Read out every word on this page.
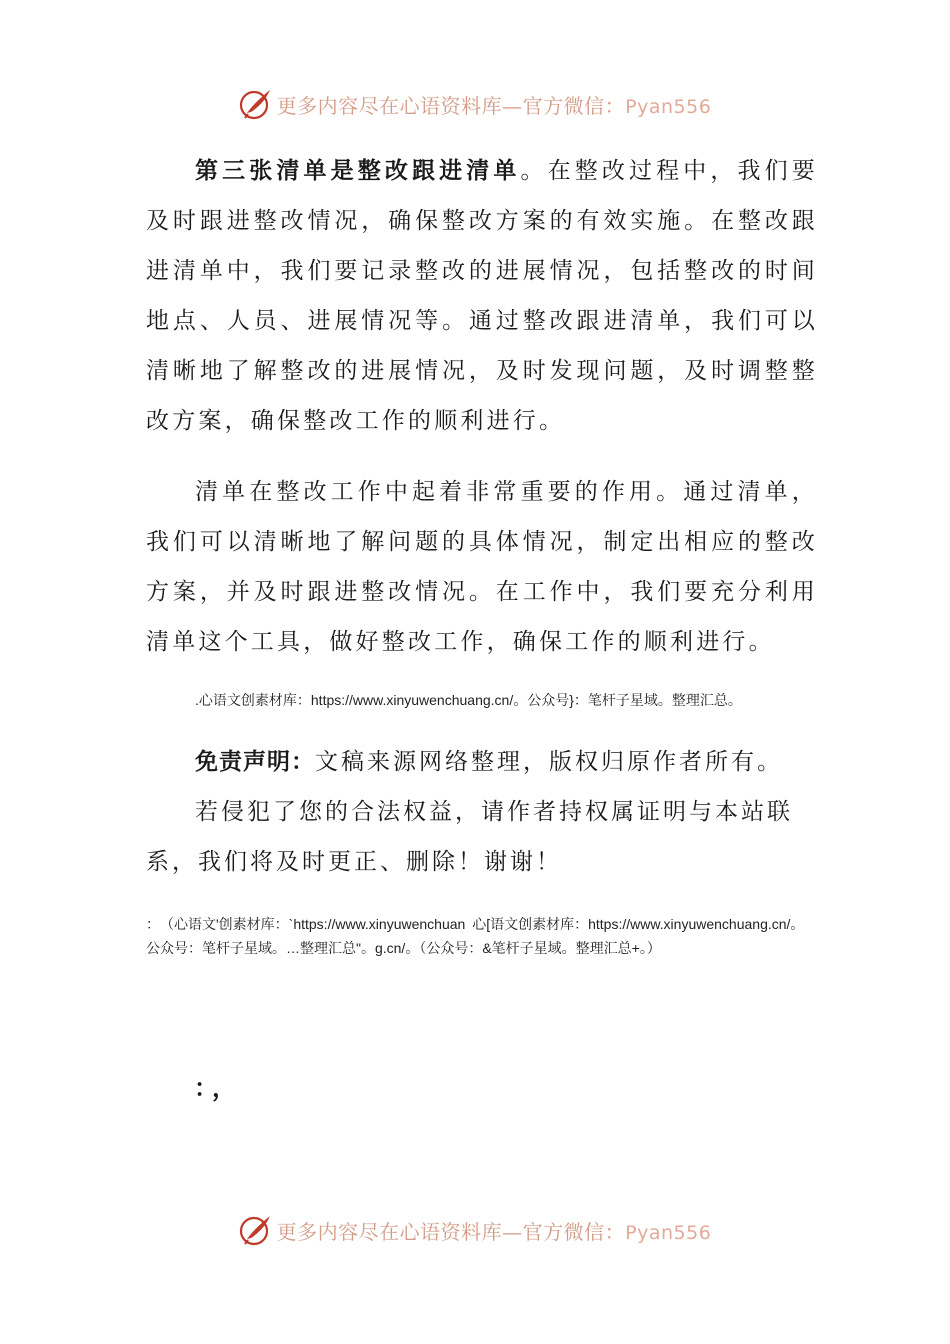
更多内容尽在心语资料库—官方微信：Pyan556

第三张清单是整改跟进清单。在整改过程中，我们要及时跟进整改情况，确保整改方案的有效实施。在整改跟进清单中，我们要记录整改的进展情况，包括整改的时间地点、人员、进展情况等。通过整改跟进清单，我们可以清晰地了解整改的进展情况，及时发现问题，及时调整整改方案，确保整改工作的顺利进行。

清单在整改工作中起着非常重要的作用。通过清单，我们可以清晰地了解问题的具体情况，制定出相应的整改方案，并及时跟进整改情况。在工作中，我们要充分利用清单这个工具，做好整改工作，确保工作的顺利进行。

.心语文创素材库：https://www.xinyuwenchuang.cn/。公众号}：笔杆子星域。整理汇总。

免责声明：文稿来源网络整理，版权归原作者所有。
若侵犯了您的合法权益，请作者持权属证明与本站联系，我们将及时更正、删除！谢谢！

：　（心语文'创素材库：`https://www.xinyuwenchuan 心[语文创素材库：https://www.xinyuwenchuang.cn/。公众号：笔杆子星域。…整理汇总"。g.cn/。（公众号：&笔杆子星域。整理汇总+。）

：，

更多内容尽在心语资料库—官方微信：Pyan556
